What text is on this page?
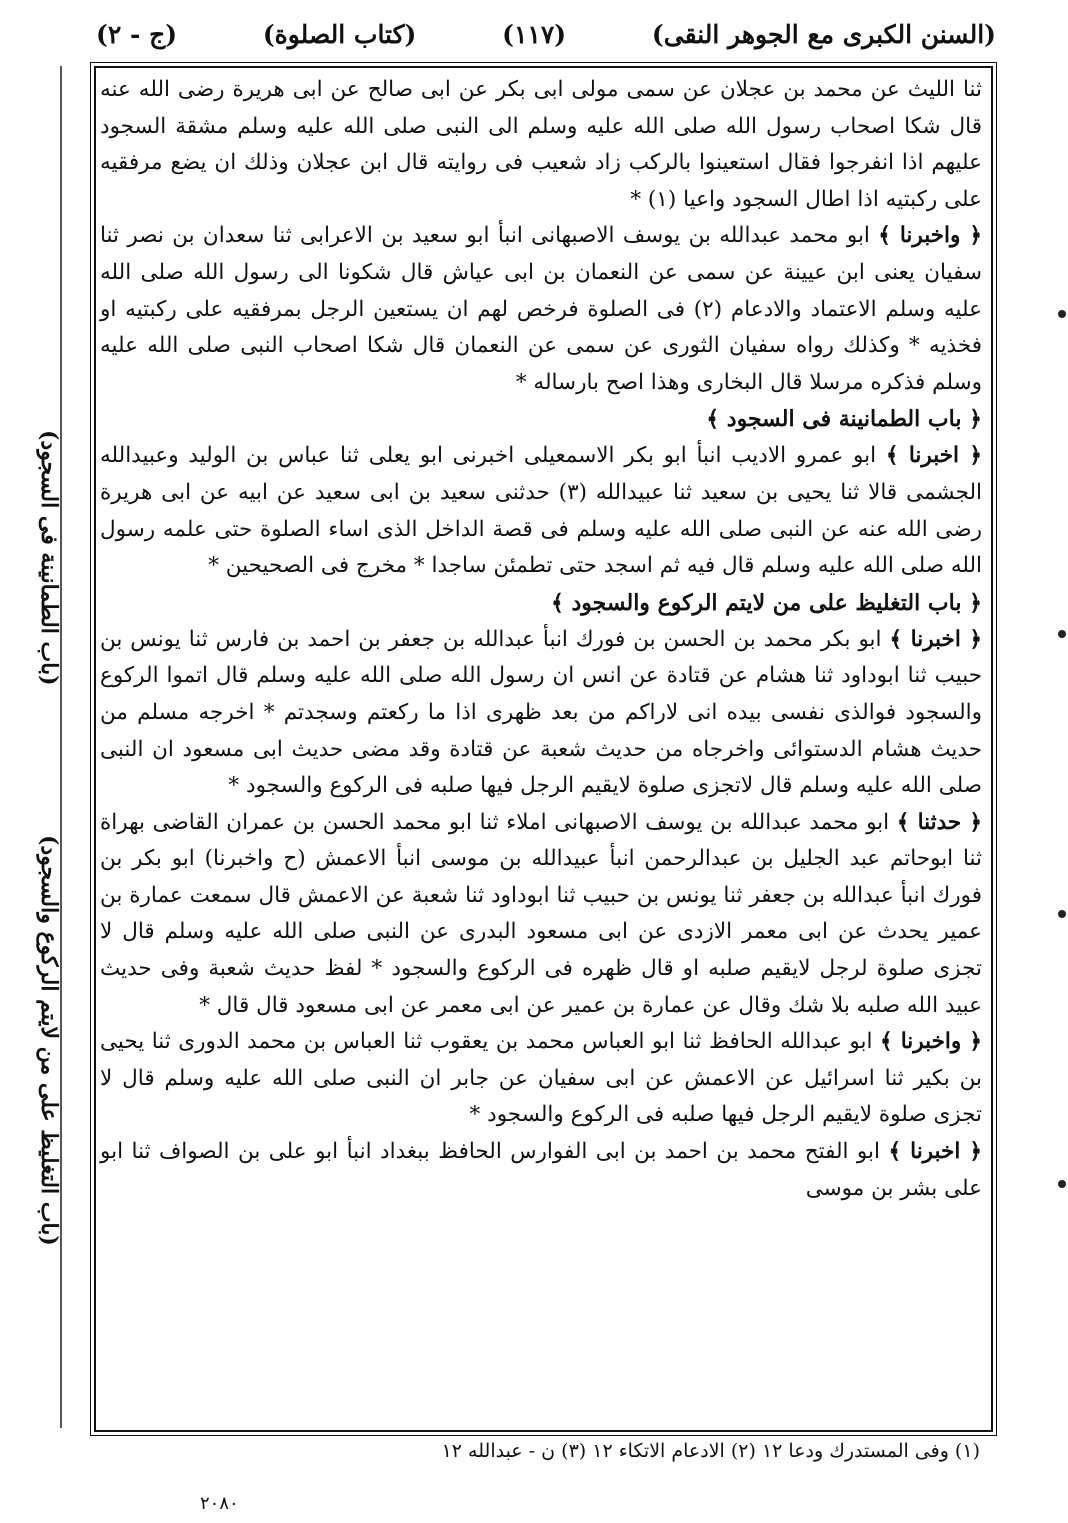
(السنن الكبرى مع الجوهر النقى)
(١١٧)
(كتاب الصلوة)
(ج - ٢)

ثنا الليث عن محمد بن عجلان عن سمى مولى ابى بكر عن ابى صالح عن ابى هريرة رضى الله عنه قال شكا اصحاب رسول الله صلى الله عليه وسلم الى النبى صلى الله عليه وسلم مشقة السجود عليهم اذا انفرجوا فقال استعينوا بالركب زاد شعيب فى روايته قال ابن عجلان وذلك ان يضع مرفقيه على ركبتيه اذا اطال السجود واعيا (١) *

﴿ واخبرنا ﴾ ابو محمد عبدالله بن يوسف الاصبهانى انبأ ابو سعيد بن الاعرابى ثنا سعدان بن نصر ثنا سفيان يعنى ابن عيينة عن سمى عن النعمان بن ابى عياش قال شكونا الى رسول الله صلى الله عليه وسلم الاعتماد والادعام (٢) فى الصلوة فرخص لهم ان يستعين الرجل بمرفقيه على ركبتيه او فخذيه * وكذلك رواه سفيان الثورى عن سمى عن النعمان قال شكا اصحاب النبى صلى الله عليه وسلم فذكره مرسلا قال البخارى وهذا اصح بارساله *

﴿ باب الطمانينة فى السجود ﴾

﴿ اخبرنا ﴾ ابو عمرو الاديب انبأ ابو بكر الاسمعيلى اخبرنى ابو يعلى ثنا عباس بن الوليد وعبيدالله الجشمى قالا ثنا يحيى بن سعيد ثنا عبيدالله (٣) حدثنى سعيد بن ابى سعيد عن ابيه عن ابى هريرة رضى الله عنه عن النبى صلى الله عليه وسلم فى قصة الداخل الذى اساء الصلوة حتى علمه رسول الله صلى الله عليه وسلم قال فيه ثم اسجد حتى تطمئن ساجدا * مخرج فى الصحيحين *

﴿ باب التغليظ على من لايتم الركوع والسجود ﴾

﴿ اخبرنا ﴾ ابو بكر محمد بن الحسن بن فورك انبأ عبدالله بن جعفر بن احمد بن فارس ثنا يونس بن حبيب ثنا ابوداود ثنا هشام عن قتادة عن انس ان رسول الله صلى الله عليه وسلم قال اتموا الركوع والسجود فوالذى نفسى بيده انى لاراكم من بعد ظهرى اذا ما ركعتم وسجدتم * اخرجه مسلم من حديث هشام الدستوائى واخرجاه من حديث شعبة عن قتادة وقد مضى حديث ابى مسعود ان النبى صلى الله عليه وسلم قال لاتجزى صلوة لايقيم الرجل فيها صلبه فى الركوع والسجود *

﴿ حدثنا ﴾ ابو محمد عبدالله بن يوسف الاصبهانى املاء ثنا ابو محمد الحسن بن عمران القاضى بهراة ثنا ابوحاتم عبد الجليل بن عبدالرحمن انبأ عبيدالله بن موسى انبأ الاعمش (ح واخبرنا) ابو بكر بن فورك انبأ عبدالله بن جعفر ثنا يونس بن حبيب ثنا ابوداود ثنا شعبة عن الاعمش قال سمعت عمارة بن عمير يحدث عن ابى معمر الازدى عن ابى مسعود البدرى عن النبى صلى الله عليه وسلم قال لا تجزى صلوة لرجل لايقيم صلبه او قال ظهره فى الركوع والسجود * لفظ حديث شعبة وفى حديث عبيد الله صلبه بلا شك وقال عن عمارة بن عمير عن ابى معمر عن ابى مسعود قال قال *

﴿ واخبرنا ﴾ ابو عبدالله الحافظ ثنا ابو العباس محمد بن يعقوب ثنا العباس بن محمد الدورى ثنا يحيى بن بكير ثنا اسرائيل عن الاعمش عن ابى سفيان عن جابر ان النبى صلى الله عليه وسلم قال لا تجزى صلوة لايقيم الرجل فيها صلبه فى الركوع والسجود *

﴿ اخبرنا ﴾ ابو الفتح محمد بن احمد بن ابى الفوارس الحافظ ببغداد انبأ ابو على بن الصواف ثنا ابو على بشر بن موسى

(باب الطمانينة فى السجود)
(باب التغليظ على من لايتم الركوع والسجود)
(١) وفى المستدرك ودعا ١٢ (٢) الادعام الاتكاء ١٢ (٣) ن - عبدالله ١٢
٢٠٨٠
